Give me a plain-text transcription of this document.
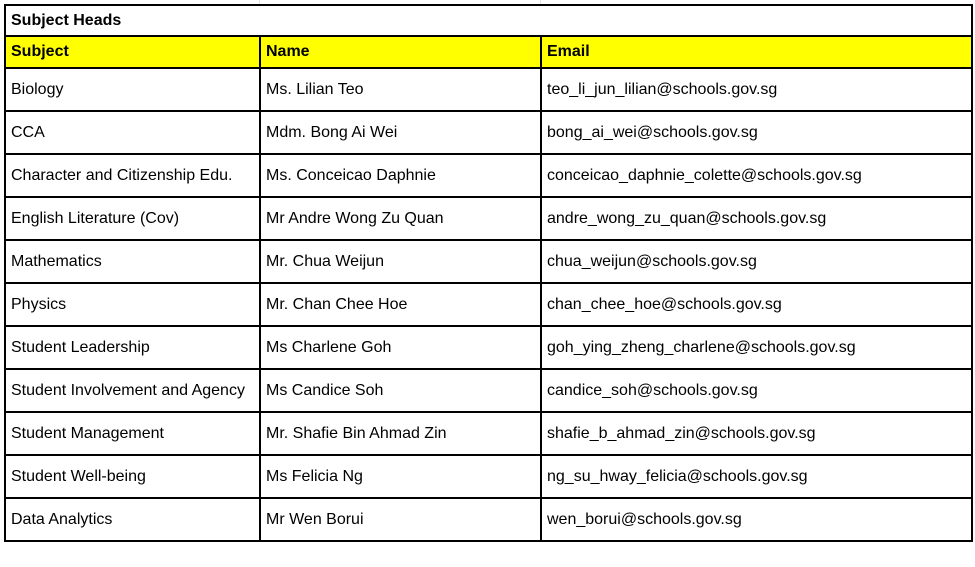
Subject Heads		
Subject	Name	Email
Biology	Ms. Lilian Teo	teo_li_jun_lilian@schools.gov.sg
CCA	Mdm. Bong Ai Wei	bong_ai_wei@schools.gov.sg
Character and Citizenship Edu.	Ms. Conceicao Daphnie	conceicao_daphnie_colette@schools.gov.sg
English Literature (Cov)	Mr Andre Wong Zu Quan	andre_wong_zu_quan@schools.gov.sg
Mathematics	Mr. Chua Weijun	chua_weijun@schools.gov.sg
Physics	Mr. Chan Chee Hoe	chan_chee_hoe@schools.gov.sg
Student Leadership	Ms Charlene Goh	goh_ying_zheng_charlene@schools.gov.sg
Student Involvement and Agency	Ms Candice Soh	candice_soh@schools.gov.sg
Student Management	Mr. Shafie Bin Ahmad Zin	shafie_b_ahmad_zin@schools.gov.sg
Student Well-being	Ms Felicia Ng	ng_su_hway_felicia@schools.gov.sg
Data Analytics	Mr Wen Borui	wen_borui@schools.gov.sg
